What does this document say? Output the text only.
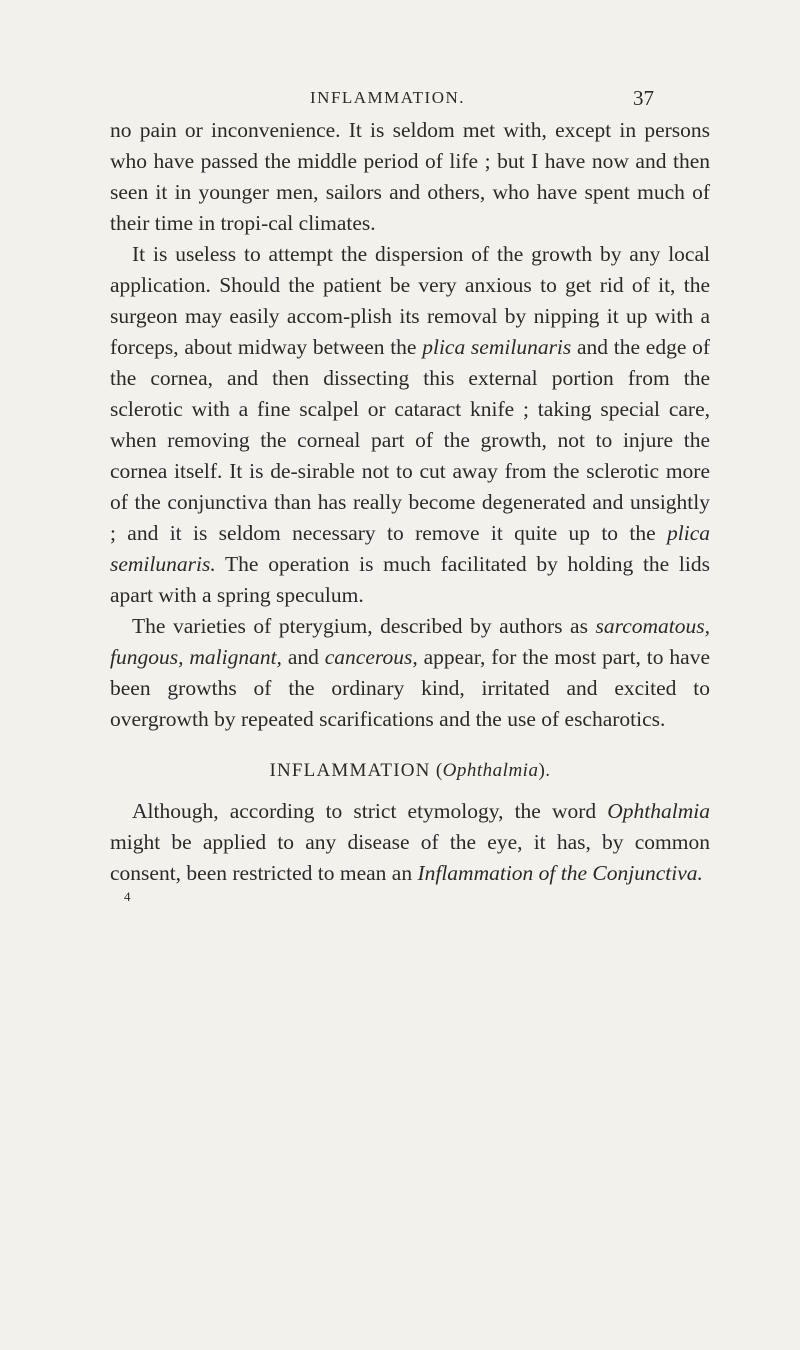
INFLAMMATION.	37

no pain or inconvenience. It is seldom met with, except in persons who have passed the middle period of life ; but I have now and then seen it in younger men, sailors and others, who have spent much of their time in tropi-cal climates.

It is useless to attempt the dispersion of the growth by any local application. Should the patient be very anxious to get rid of it, the surgeon may easily accom-plish its removal by nipping it up with a forceps, about midway between the plica semilunaris and the edge of the cornea, and then dissecting this external portion from the sclerotic with a fine scalpel or cataract knife ; taking special care, when removing the corneal part of the growth, not to injure the cornea itself. It is de-sirable not to cut away from the sclerotic more of the conjunctiva than has really become degenerated and unsightly ; and it is seldom necessary to remove it quite up to the plica semilunaris. The operation is much facilitated by holding the lids apart with a spring speculum.

The varieties of pterygium, described by authors as sarcomatous, fungous, malignant, and cancerous, appear, for the most part, to have been growths of the ordinary kind, irritated and excited to overgrowth by repeated scarifications and the use of escharotics.

INFLAMMATION (Ophthalmia).

Although, according to strict etymology, the word Ophthalmia might be applied to any disease of the eye, it has, by common consent, been restricted to mean an Inflammation of the Conjunctiva.

4
